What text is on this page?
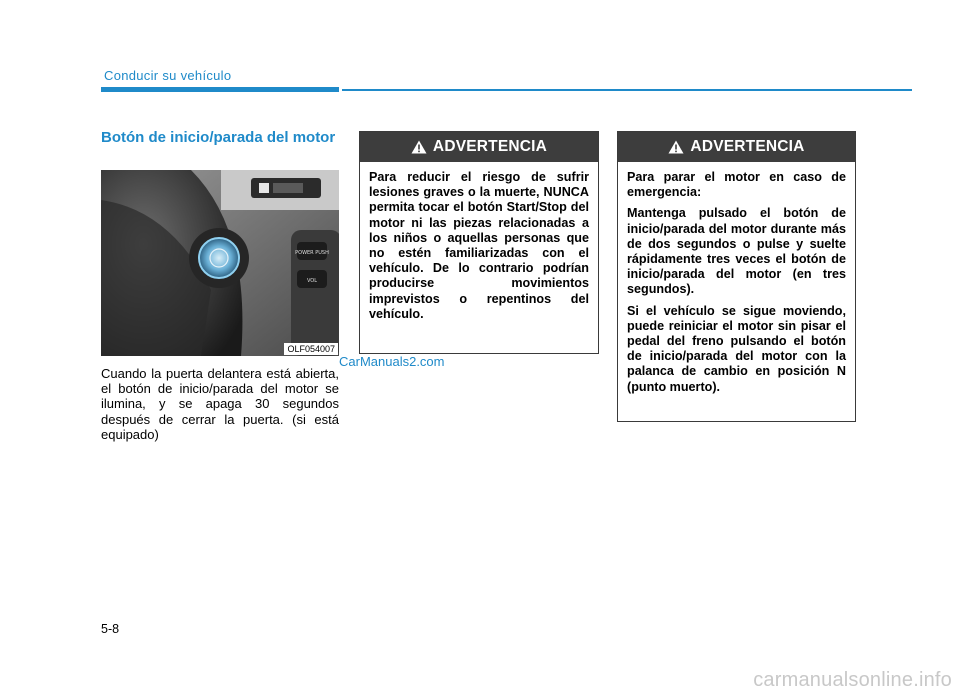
Conducir su vehículo
Botón de inicio/parada del motor
POWER PUSH
VOL
OLF054007
CarManuals2.com
Cuando la puerta delantera está abierta, el botón de inicio/parada del motor se ilumina, y se apaga 30 segundos después de cerrar la puerta. (si está equipado)
ADVERTENCIA

Para reducir el riesgo de sufrir lesiones graves o la muerte, NUNCA permita tocar el botón Start/Stop del motor ni las piezas relacionadas a los niños o aquellas personas que no estén familiarizadas con el vehículo. De lo contrario podrían producirse movimientos imprevistos o repentinos del vehículo.

ADVERTENCIA

Para parar el motor en caso de emergencia:

Mantenga pulsado el botón de inicio/parada del motor durante más de dos segundos o pulse y suelte rápidamente tres veces el botón de inicio/parada del motor (en tres segundos).

Si el vehículo se sigue moviendo, puede reiniciar el motor sin pisar el pedal del freno pulsando el botón de inicio/parada del motor con la palanca de cambio en posición N (punto muerto).

5-8
carmanualsonline.info
